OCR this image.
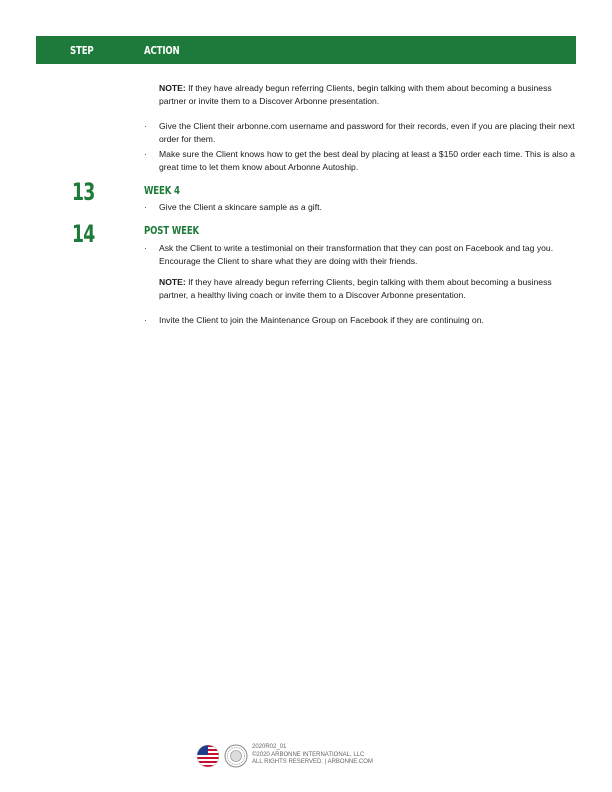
STEP	ACTION
NOTE: If they have already begun referring Clients, begin talking with them about becoming a business partner or invite them to a Discover Arbonne presentation.
· Give the Client their arbonne.com username and password for their records, even if you are placing their next order for them.
· Make sure the Client knows how to get the best deal by placing at least a $150 order each time. This is also a great time to let them know about Arbonne Autoship.
13	WEEK 4
· Give the Client a skincare sample as a gift.
14	POST WEEK
· Ask the Client to write a testimonial on their transformation that they can post on Facebook and tag you. Encourage the Client to share what they are doing with their friends.
NOTE: If they have already begun referring Clients, begin talking with them about becoming a business partner, a healthy living coach or invite them to a Discover Arbonne presentation.
· Invite the Client to join the Maintenance Group on Facebook if they are continuing on.
2020R02_01
©2020 ARBONNE INTERNATIONAL, LLC
ALL RIGHTS RESERVED. | ARBONNE.COM
